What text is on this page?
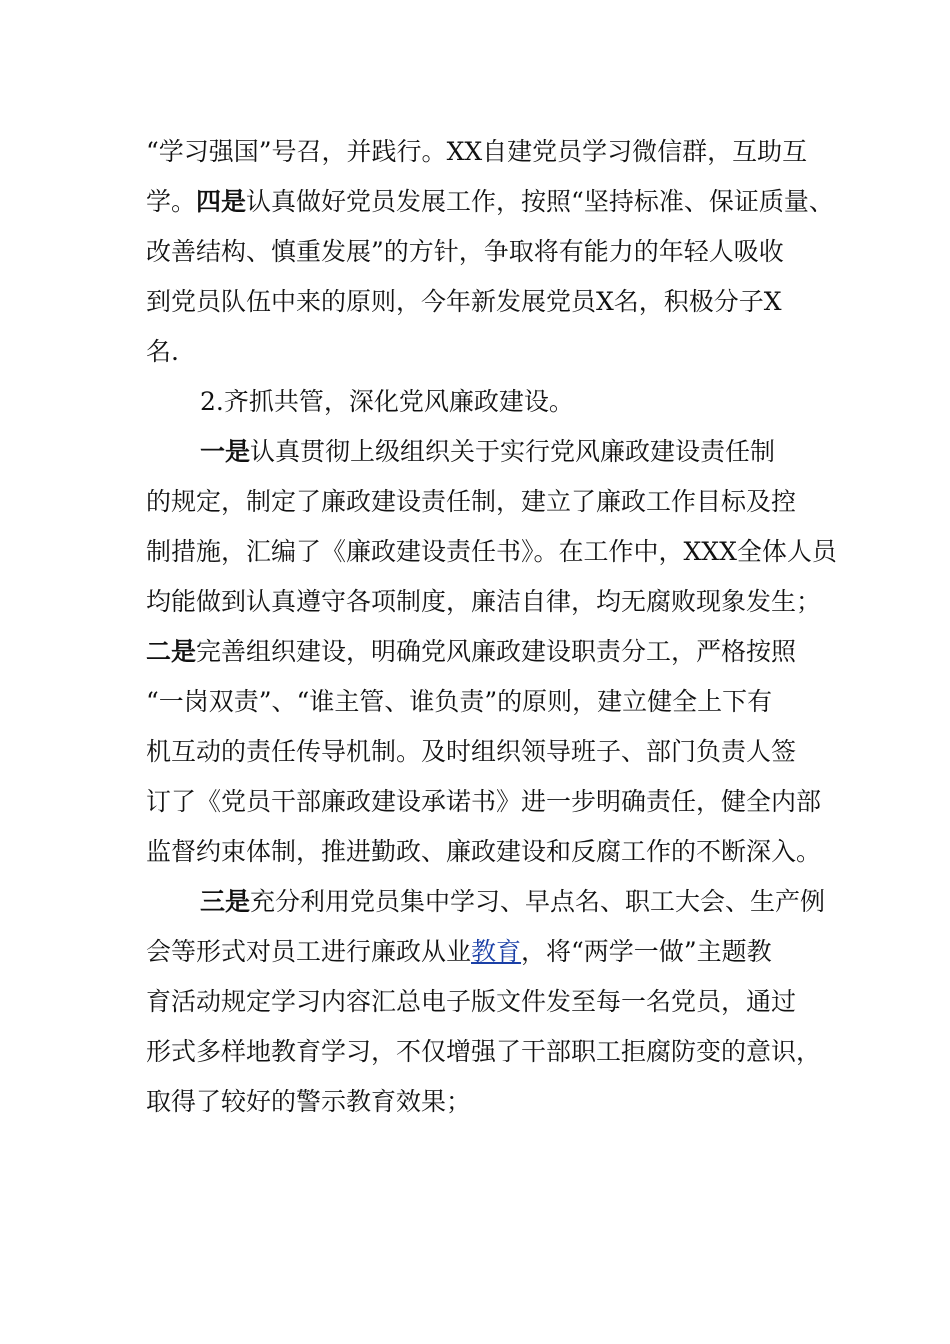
“学习强国”号召，并践行。XX自建党员学习微信群，互助互
学。四是认真做好党员发展工作，按照“坚持标准、保证质量、
改善结构、慎重发展”的方针，争取将有能力的年轻人吸收
到党员队伍中来的原则，今年新发展党员X名，积极分子X
名.
2.齐抓共管，深化党风廉政建设。
一是认真贯彻上级组织关于实行党风廉政建设责任制
的规定，制定了廉政建设责任制，建立了廉政工作目标及控
制措施，汇编了《廉政建设责任书》。在工作中，XXX全体人员
均能做到认真遵守各项制度，廉洁自律，均无腐败现象发生；
二是完善组织建设，明确党风廉政建设职责分工，严格按照
“一岗双责”、“谁主管、谁负责”的原则，建立健全上下有
机互动的责任传导机制。及时组织领导班子、部门负责人签
订了《党员干部廉政建设承诺书》进一步明确责任，健全内部
监督约束体制，推进勤政、廉政建设和反腐工作的不断深入。
三是充分利用党员集中学习、早点名、职工大会、生产例
会等形式对员工进行廉政从业教育，将“两学一做”主题教
育活动规定学习内容汇总电子版文件发至每一名党员，通过
形式多样地教育学习，不仅增强了干部职工拒腐防变的意识，
取得了较好的警示教育效果；
